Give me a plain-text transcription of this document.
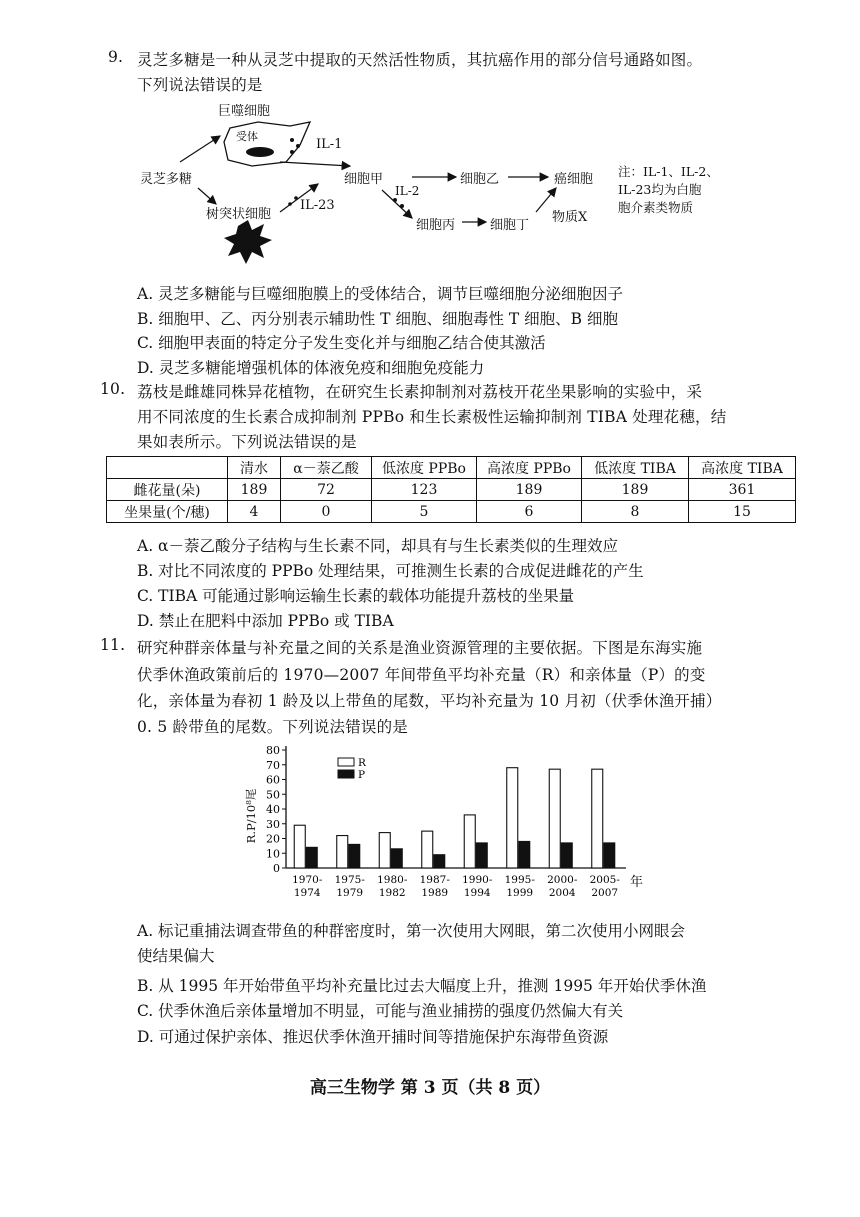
9. 灵芝多糖是一种从灵芝中提取的天然活性物质，其抗癌作用的部分信号通路如图。
下列说法错误的是
巨噬细胞
受体
IL-1
灵芝多糖	细胞甲	细胞乙	癌细胞
IL-2
树突状细胞
IL-23
细胞丙	细胞丁
物质X
注：IL-1、IL-2、
IL-23均为白胞
胞介素类物质
A. 灵芝多糖能与巨噬细胞膜上的受体结合，调节巨噬细胞分泌细胞因子
B. 细胞甲、乙、丙分别表示辅助性 T 细胞、细胞毒性 T 细胞、B 细胞
C. 细胞甲表面的特定分子发生变化并与细胞乙结合使其激活
D. 灵芝多糖能增强机体的体液免疫和细胞免疫能力
10. 荔枝是雌雄同株异花植物，在研究生长素抑制剂对荔枝开花坐果影响的实验中，采
用不同浓度的生长素合成抑制剂 PPBo 和生长素极性运输抑制剂 TIBA 处理花穗，结
果如表所示。下列说法错误的是
	清水	α－萘乙酸	低浓度 PPBo	高浓度 PPBo	低浓度 TIBA	高浓度 TIBA
雌花量(朵)	189	72	123	189	189	361
坐果量(个/穗)	4	0	5	6	8	15
A. α－萘乙酸分子结构与生长素不同，却具有与生长素类似的生理效应
B. 对比不同浓度的 PPBo 处理结果，可推测生长素的合成促进雌花的产生
C. TIBA 可能通过影响运输生长素的载体功能提升荔枝的坐果量
D. 禁止在肥料中添加 PPBo 或 TIBA
11. 研究种群亲体量与补充量之间的关系是渔业资源管理的主要依据。下图是东海实施
伏季休渔政策前后的 1970—2007 年间带鱼平均补充量（R）和亲体量（P）的变
化，亲体量为春初 1 龄及以上带鱼的尾数，平均补充量为 10 月初（伏季休渔开捕）
0. 5 龄带鱼的尾数。下列说法错误的是
0
10
20
30
40
50
60
70
80
1970-
1974
1975-
1979
1980-
1982
1987-
1989
1990-
1994
1995-
1999
2000-
2004
2005-
2007
年
R
P
R.P/10⁸尾
A. 标记重捕法调查带鱼的种群密度时，第一次使用大网眼，第二次使用小网眼会
使结果偏大
B. 从 1995 年开始带鱼平均补充量比过去大幅度上升，推测 1995 年开始伏季休渔
C. 伏季休渔后亲体量增加不明显，可能与渔业捕捞的强度仍然偏大有关
D. 可通过保护亲体、推迟伏季休渔开捕时间等措施保护东海带鱼资源
高三生物学 第 3 页（共 8 页）
